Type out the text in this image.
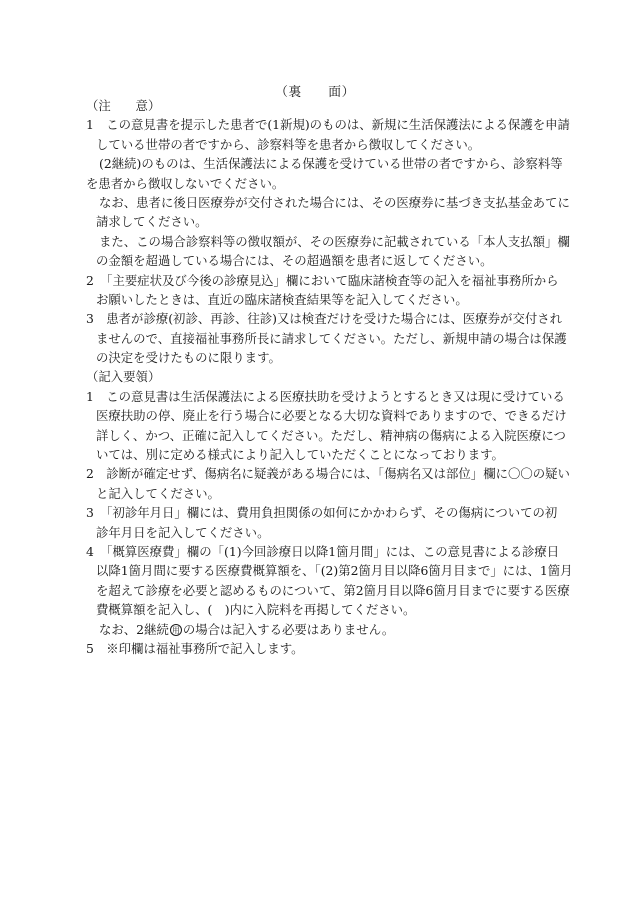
（裏　　面）
（注　　意）
1　この意見書を提示した患者で(1新規)のものは、新規に生活保護法による保護を申請
している世帯の者ですから、診察料等を患者から徴収してください。
(2継続)のものは、生活保護法による保護を受けている世帯の者ですから、診察料等
を患者から徴収しないでください。
なお、患者に後日医療券が交付された場合には、その医療券に基づき支払基金あてに
請求してください。
また、この場合診察料等の徴収額が、その医療券に記載されている「本人支払額」欄
の金額を超過している場合には、その超過額を患者に返してください。
2　「主要症状及び今後の診療見込」欄において臨床諸検査等の記入を福祉事務所から
お願いしたときは、直近の臨床諸検査結果等を記入してください。
3　患者が診療(初診、再診、往診)又は検査だけを受けた場合には、医療券が交付され
ませんので、直接福祉事務所長に請求してください。ただし、新規申請の場合は保護
の決定を受けたものに限ります。
（記入要領）
1　この意見書は生活保護法による医療扶助を受けようとするとき又は現に受けている
医療扶助の停、廃止を行う場合に必要となる大切な資料でありますので、できるだけ
詳しく、かつ、正確に記入してください。ただし、精神病の傷病による入院医療につ
いては、別に定める様式により記入していただくことになっております。
2　診断が確定せず、傷病名に疑義がある場合には、「傷病名又は部位」欄に〇〇の疑い
と記入してください。
3　「初診年月日」欄には、費用負担関係の如何にかかわらず、その傷病についての初
診年月日を記入してください。
4　「概算医療費」欄の「(1)今回診療日以降1箇月間」には、この意見書による診療日
以降1箇月間に要する医療費概算額を、「(2)第2箇月目以降6箇月目まで」には、1箇月
を超えて診療を必要と認めるものについて、第2箇月目以降6箇月目までに要する医療
費概算額を記入し、(　)内に入院料を再掲してください。
なお、2継続 用 の場合は記入する必要はありません。
5　※印欄は福祉事務所で記入します。
